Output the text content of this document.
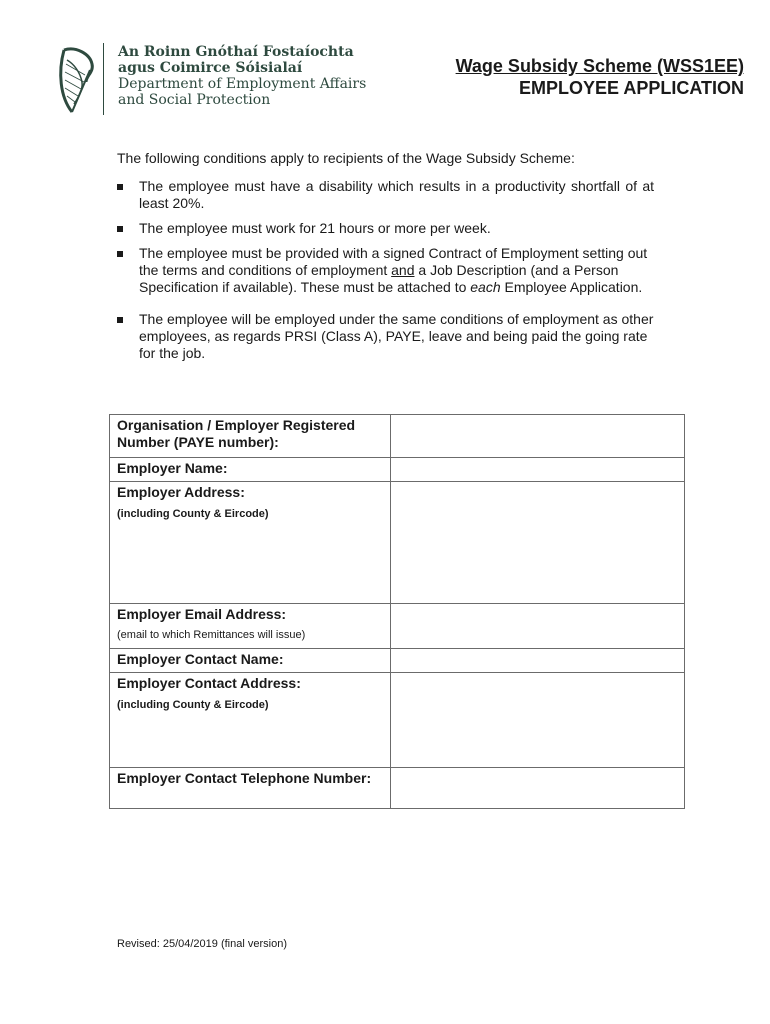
An Roinn Gnóthaí Fostaíochta
agus Coimirce Sóisialaí
Department of Employment Affairs
and Social Protection
Wage Subsidy Scheme (WSS1EE)
EMPLOYEE APPLICATION
The following conditions apply to recipients of the Wage Subsidy Scheme:
The employee must have a disability which results in a productivity shortfall of at least 20%.
The employee must work for 21 hours or more per week.
The employee must be provided with a signed Contract of Employment setting out the terms and conditions of employment and a Job Description (and a Person Specification if available). These must be attached to each Employee Application.
The employee will be employed under the same conditions of employment as other employees, as regards PRSI (Class A), PAYE, leave and being paid the going rate for the job.
Organisation / Employer Registered Number (PAYE number):	

Employer Name:	

Employer Address:
(including County & Eircode)	

Employer Email Address:
(email to which Remittances will issue)	

Employer Contact Name:	

Employer Contact Address:
(including County & Eircode)	

Employer Contact Telephone Number:	

Revised: 25/04/2019 (final version)
